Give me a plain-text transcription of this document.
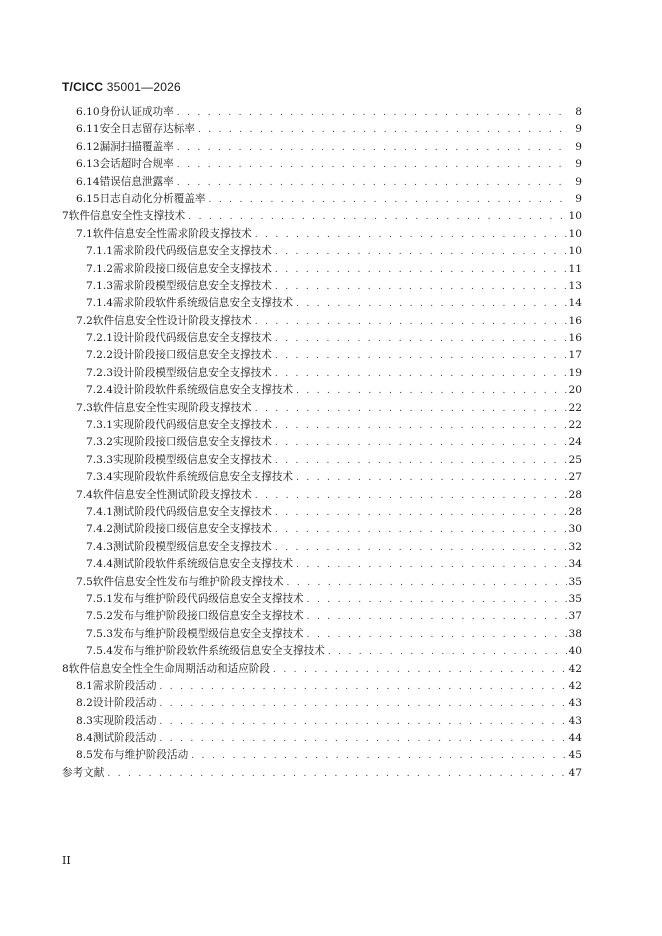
T/CICC 35001—2026
6.10 身份认证成功率 . . .	8
6.11 安全日志留存达标率 . . .	9
6.12 漏洞扫描覆盖率 . . .	9
6.13 会话超时合规率 . . .	9
6.14 错误信息泄露率 . . .	9
6.15 日志自动化分析覆盖率 . . .	9
7 软件信息安全性支撑技术 . . .	10
7.1 软件信息安全性需求阶段支撑技术 . . .	10
7.1.1 需求阶段代码级信息安全支撑技术 . . .	10
7.1.2 需求阶段接口级信息安全支撑技术 . . .	11
7.1.3 需求阶段模型级信息安全支撑技术 . . .	13
7.1.4 需求阶段软件系统级信息安全支撑技术 . . .	14
7.2 软件信息安全性设计阶段支撑技术 . . .	16
7.2.1 设计阶段代码级信息安全支撑技术 . . .	16
7.2.2 设计阶段接口级信息安全支撑技术 . . .	17
7.2.3 设计阶段模型级信息安全支撑技术 . . .	19
7.2.4 设计阶段软件系统级信息安全支撑技术 . . .	20
7.3 软件信息安全性实现阶段支撑技术 . . .	22
7.3.1 实现阶段代码级信息安全支撑技术 . . .	22
7.3.2 实现阶段接口级信息安全支撑技术 . . .	24
7.3.3 实现阶段模型级信息安全支撑技术 . . .	25
7.3.4 实现阶段软件系统级信息安全支撑技术 . . .	27
7.4 软件信息安全性测试阶段支撑技术 . . .	28
7.4.1 测试阶段代码级信息安全支撑技术 . . .	28
7.4.2 测试阶段接口级信息安全支撑技术 . . .	30
7.4.3 测试阶段模型级信息安全支撑技术 . . .	32
7.4.4 测试阶段软件系统级信息安全支撑技术 . . .	34
7.5 软件信息安全性发布与维护阶段支撑技术 . . .	35
7.5.1 发布与维护阶段代码级信息安全支撑技术 . . .	35
7.5.2 发布与维护阶段接口级信息安全支撑技术 . . .	37
7.5.3 发布与维护阶段模型级信息安全支撑技术 . . .	38
7.5.4 发布与维护阶段软件系统级信息安全支撑技术 . . .	40
8 软件信息安全性全生命周期活动和适应阶段 . . .	42
8.1 需求阶段活动 . . .	42
8.2 设计阶段活动 . . .	43
8.3 实现阶段活动 . . .	43
8.4 测试阶段活动 . . .	44
8.5 发布与维护阶段活动 . . .	45
参考文献 . . .	47
II
